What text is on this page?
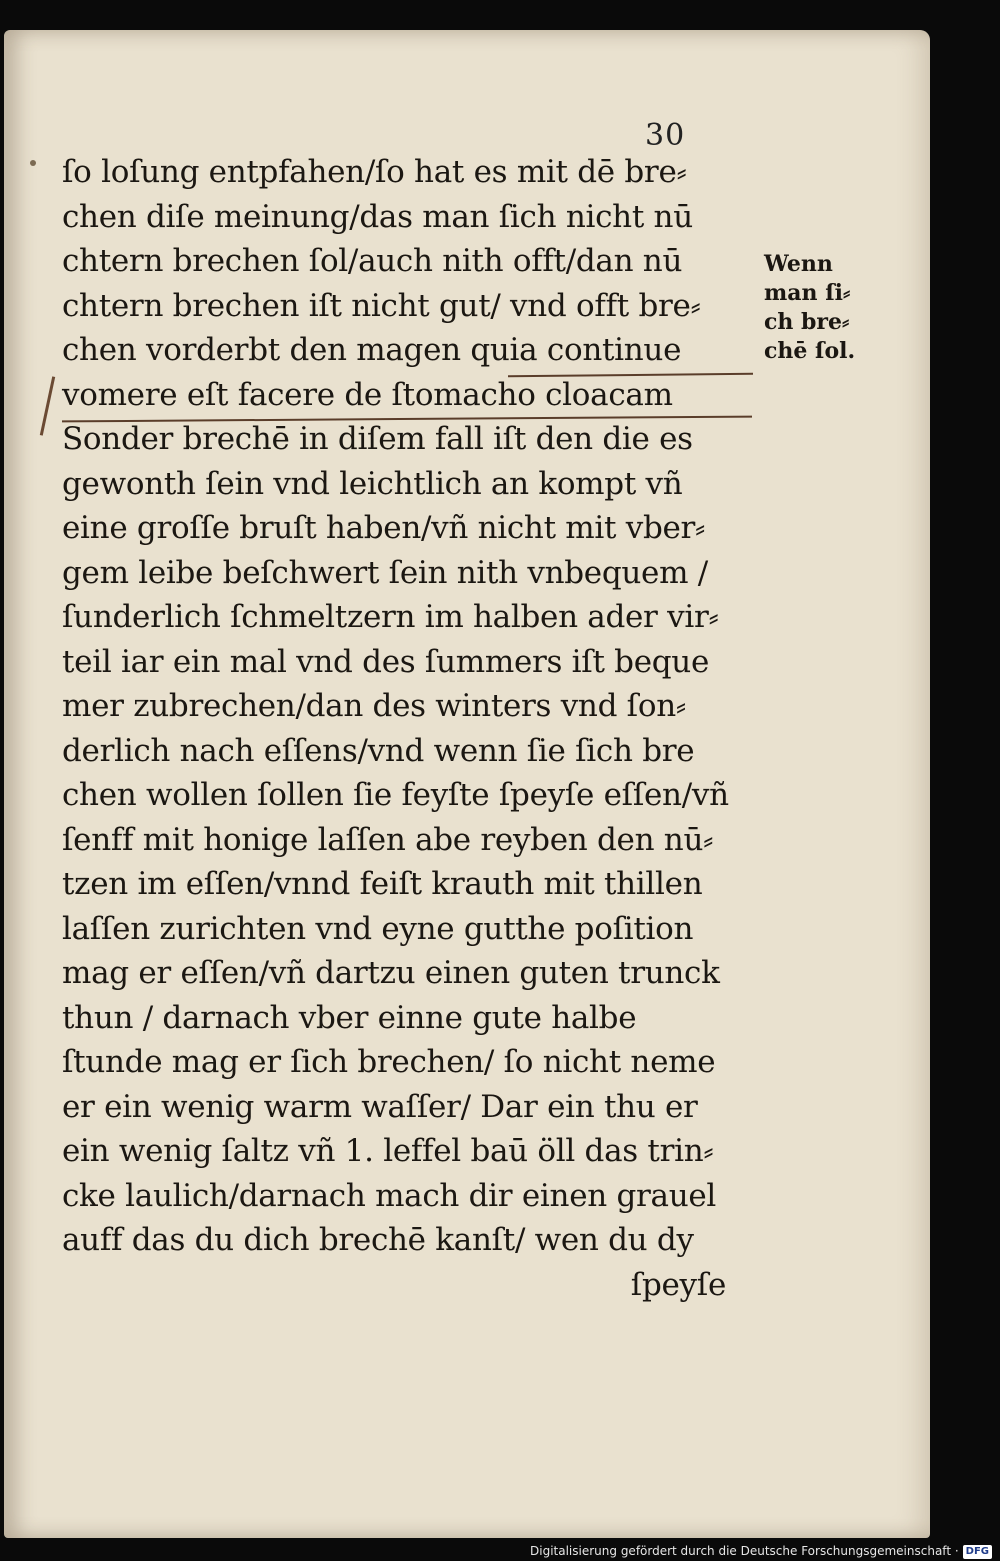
30
ſo loſung entpfahen/ſo hat es mit dē bre⸗
chen diſe meinung/das man ſich nicht nū
chtern brechen ſol/auch nith offt/dan nū
chtern brechen iſt nicht gut/ vnd offt bre⸗
chen vorderbt den magen quia continue
vomere eſt facere de ſtomacho cloacam
Sonder brechē in diſem fall iſt den die es
gewonth ſein vnd leichtlich an kompt vñ
eine groſſe bruſt haben/vñ nicht mit vber⸗
gem leibe beſchwert ſein nith vnbequem /
ſunderlich ſchmeltzern im halben ader vir⸗
teil iar ein mal vnd des ſummers iſt beque
mer zubrechen/dan des winters vnd ſon⸗
derlich nach eſſens/vnd wenn ſie ſich bre
chen wollen ſollen ſie feyſte ſpeyſe eſſen/vñ
ſenff mit honige laſſen abe reyben den nū⸗
tzen im eſſen/vnnd feiſt krauth mit thillen
laſſen zurichten vnd eyne gutthe poſition
mag er eſſen/vñ dartzu einen guten trunck
thun / darnach vber einne gute halbe
ſtunde mag er ſich brechen/ ſo nicht neme
er ein wenig warm waſſer/ Dar ein thu er
ein wenig ſaltz vñ 1. leffel baū öll das trin⸗
cke laulich/darnach mach dir einen grauel
auff das du dich brechē kanſt/ wen du dy
ſpeyſe
Wenn
man ſi⸗
ch bre⸗
chē ſol.
Digitalisierung gefördert durch die Deutsche Forschungsgemeinschaft · DFG
